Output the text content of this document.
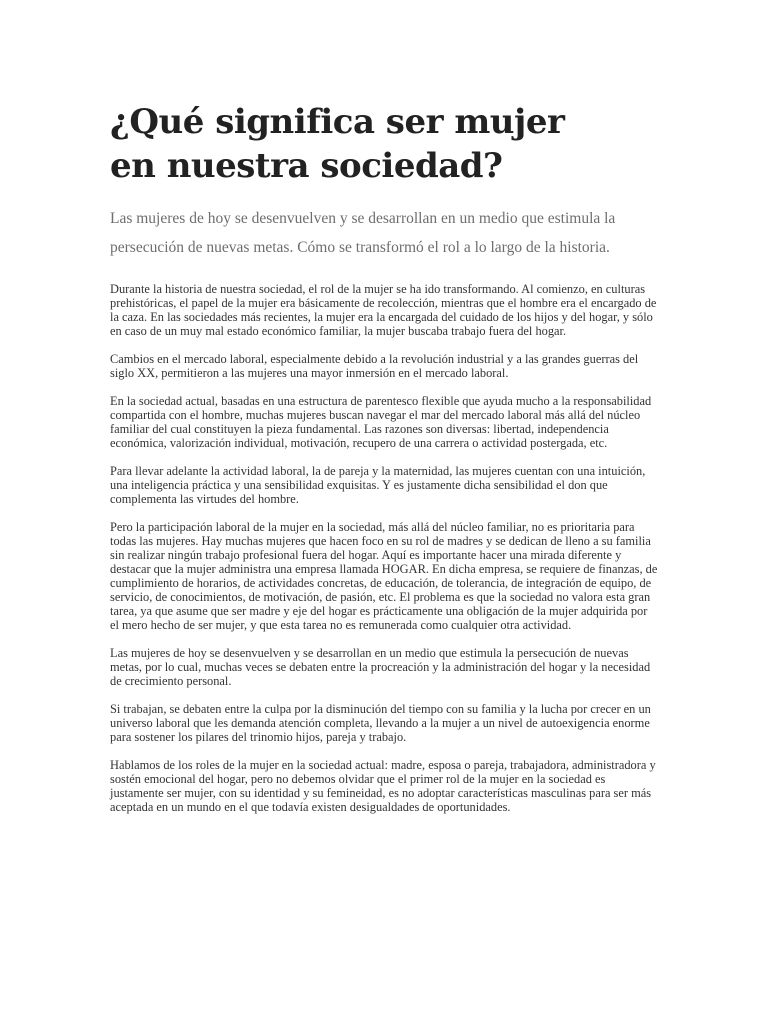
¿Qué significa ser mujer en nuestra sociedad?

Las mujeres de hoy se desenvuelven y se desarrollan en un medio que estimula la persecución de nuevas metas. Cómo se transformó el rol a lo largo de la historia.

Durante la historia de nuestra sociedad, el rol de la mujer se ha ido transformando. Al comienzo, en culturas prehistóricas, el papel de la mujer era básicamente de recolección, mientras que el hombre era el encargado de la caza. En las sociedades más recientes, la mujer era la encargada del cuidado de los hijos y del hogar, y sólo en caso de un muy mal estado económico familiar, la mujer buscaba trabajo fuera del hogar.

Cambios en el mercado laboral, especialmente debido a la revolución industrial y a las grandes guerras del siglo XX, permitieron a las mujeres una mayor inmersión en el mercado laboral.

En la sociedad actual, basadas en una estructura de parentesco flexible que ayuda mucho a la responsabilidad compartida con el hombre, muchas mujeres buscan navegar el mar del mercado laboral más allá del núcleo familiar del cual constituyen la pieza fundamental. Las razones son diversas: libertad, independencia económica, valorización individual, motivación, recupero de una carrera o actividad postergada, etc.

Para llevar adelante la actividad laboral, la de pareja y la maternidad, las mujeres cuentan con una intuición, una inteligencia práctica y una sensibilidad exquisitas. Y es justamente dicha sensibilidad el don que complementa las virtudes del hombre.

Pero la participación laboral de la mujer en la sociedad, más allá del núcleo familiar, no es prioritaria para todas las mujeres. Hay muchas mujeres que hacen foco en su rol de madres y se dedican de lleno a su familia sin realizar ningún trabajo profesional fuera del hogar. Aquí es importante hacer una mirada diferente y destacar que la mujer administra una empresa llamada HOGAR. En dicha empresa, se requiere de finanzas, de cumplimiento de horarios, de actividades concretas, de educación, de tolerancia, de integración de equipo, de servicio, de conocimientos, de motivación, de pasión, etc. El problema es que la sociedad no valora esta gran tarea, ya que asume que ser madre y eje del hogar es prácticamente una obligación de la mujer adquirida por el mero hecho de ser mujer, y que esta tarea no es remunerada como cualquier otra actividad.

Las mujeres de hoy se desenvuelven y se desarrollan en un medio que estimula la persecución de nuevas metas, por lo cual, muchas veces se debaten entre la procreación y la administración del hogar y la necesidad de crecimiento personal.

Si trabajan, se debaten entre la culpa por la disminución del tiempo con su familia y la lucha por crecer en un universo laboral que les demanda atención completa, llevando a la mujer a un nivel de autoexigencia enorme para sostener los pilares del trinomio hijos, pareja y trabajo.

Hablamos de los roles de la mujer en la sociedad actual: madre, esposa o pareja, trabajadora, administradora y sostén emocional del hogar, pero no debemos olvidar que el primer rol de la mujer en la sociedad es justamente ser mujer, con su identidad y su femineidad, es no adoptar características masculinas para ser más aceptada en un mundo en el que todavía existen desigualdades de oportunidades.
